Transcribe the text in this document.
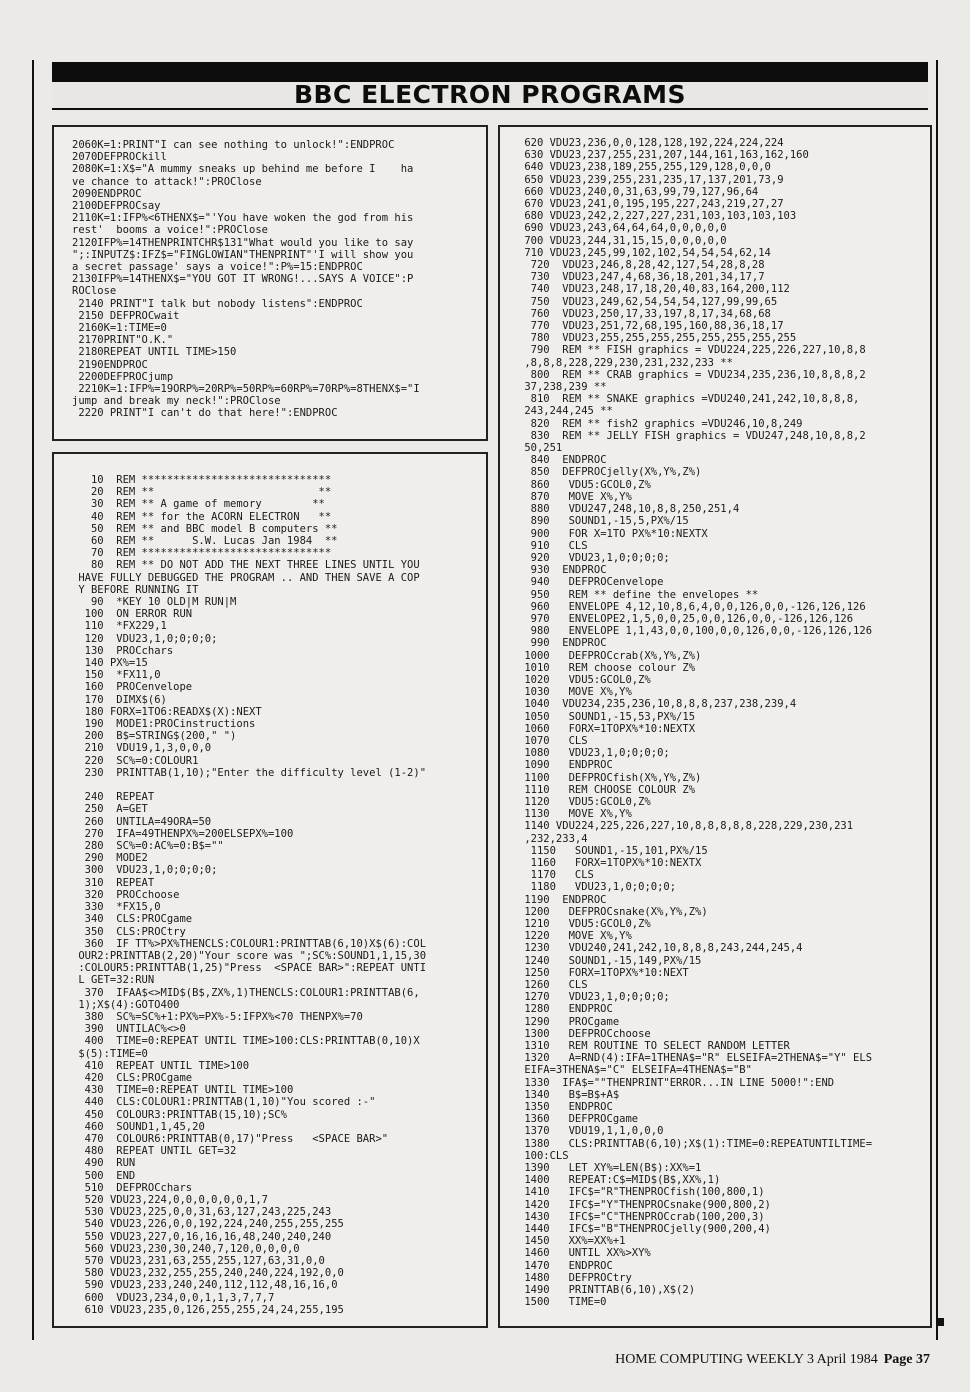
BBC ELECTRON PROGRAMS
2060K=1:PRINT"I can see nothing to unlock!":ENDPROC
2070DEFPROCkill
2080K=1:X$="A mummy sneaks up behind me before I    ha
ve chance to attack!":PROClose
2090ENDPROC
2100DEFPROCsay
2110K=1:IFP%<6THENX$="'You have woken the god from his
rest'  booms a voice!":PROClose
2120IFP%=14THENPRINTCHR$131"What would you like to say
";:INPUTZ$:IFZ$="FINGLOWIAN"THENPRINT"'I will show you
a secret passage' says a voice!":P%=15:ENDPROC
2130IFP%=14THENX$="YOU GOT IT WRONG!...SAYS A VOICE":P
ROClose
2140 PRINT"I talk but nobody listens":ENDPROC
2150 DEFPROCwait
2160K=1:TIME=0
2170PRINT"O.K."
2180REPEAT UNTIL TIME>150
2190ENDPROC
2200DEFPROCjump
2210K=1:IFP%=19ORP%=20RP%=50RP%=60RP%=70RP%=8THENX$="I
jump and break my neck!":PROClose
2220 PRINT"I can't do that here!":ENDPROC
10  REM ******************************
20  REM **                          **
30  REM ** A game of memory        **
40  REM ** for the ACORN ELECTRON   **
50  REM ** and BBC model B computers **
60  REM **      S.W. Lucas Jan 1984  **
70  REM ******************************
80  REM ** DO NOT ADD THE NEXT THREE LINES UNTIL YOU
HAVE FULLY DEBUGGED THE PROGRAM .. AND THEN SAVE A COP
Y BEFORE RUNNING IT
90  *KEY 10 OLD|M RUN|M
100  ON ERROR RUN
110  *FX229,1
120  VDU23,1,0;0;0;0;
130  PROCchars
140 PX%=15
150  *FX11,0
160  PROCenvelope
170  DIMX$(6)
180 FORX=1TO6:READX$(X):NEXT
190  MODE1:PROCinstructions
200  B$=STRING$(200," ")
210  VDU19,1,3,0,0,0
220  SC%=0:COLOUR1
230  PRINTTAB(1,10);"Enter the difficulty level (1-2)"
240  REPEAT
250  A=GET
260  UNTILA=49ORA=50
270  IFA=49THENPX%=200ELSEPX%=100
280  SC%=0:AC%=0:B$=""
290  MODE2
300  VDU23,1,0;0;0;0;
310  REPEAT
320  PROCchoose
330  *FX15,0
340  CLS:PROCgame
350  CLS:PROCtry
360  IF TT%>PX%THENCLS:COLOUR1:PRINTTAB(6,10)X$(6):COL
OUR2:PRINTTAB(2,20)"Your score was ";SC%:SOUND1,1,15,30
:COLOUR5:PRINTTAB(1,25)"Press  <SPACE BAR>":REPEAT UNTI
L GET=32:RUN
370  IFAA$<>MID$(B$,ZX%,1)THENCLS:COLOUR1:PRINTTAB(6,
1);X$(4):GOTO400
380  SC%=SC%+1:PX%=PX%-5:IFPX%<70 THENPX%=70
390  UNTILAC%<>0
400  TIME=0:REPEAT UNTIL TIME>100:CLS:PRINTTAB(0,10)X
$(5):TIME=0
410  REPEAT UNTIL TIME>100
420  CLS:PROCgame
430  TIME=0:REPEAT UNTIL TIME>100
440  CLS:COLOUR1:PRINTTAB(1,10)"You scored :-"
450  COLOUR3:PRINTTAB(15,10);SC%
460  SOUND1,1,45,20
470  COLOUR6:PRINTTAB(0,17)"Press   <SPACE BAR>"
480  REPEAT UNTIL GET=32
490  RUN
500  END
510  DEFPROCchars
520 VDU23,224,0,0,0,0,0,0,1,7
530 VDU23,225,0,0,31,63,127,243,225,243
540 VDU23,226,0,0,192,224,240,255,255,255
550 VDU23,227,0,16,16,16,48,240,240,240
560 VDU23,230,30,240,7,120,0,0,0,0
570 VDU23,231,63,255,255,127,63,31,0,0
580 VDU23,232,255,255,240,240,224,192,0,0
590 VDU23,233,240,240,112,112,48,16,16,0
600  VDU23,234,0,0,1,1,3,7,7,7
610 VDU23,235,0,126,255,255,24,24,255,195
620 VDU23,236,0,0,128,128,192,224,224,224
630 VDU23,237,255,231,207,144,161,163,162,160
640 VDU23,238,189,255,255,129,128,0,0,0
650 VDU23,239,255,231,235,17,137,201,73,9
660 VDU23,240,0,31,63,99,79,127,96,64
670 VDU23,241,0,195,195,227,243,219,27,27
680 VDU23,242,2,227,227,231,103,103,103,103
690 VDU23,243,64,64,64,0,0,0,0,0
700 VDU23,244,31,15,15,0,0,0,0,0
710 VDU23,245,99,102,102,54,54,54,62,14
720  VDU23,246,8,28,42,127,54,28,8,28
730  VDU23,247,4,68,36,18,201,34,17,7
740  VDU23,248,17,18,20,40,83,164,200,112
750  VDU23,249,62,54,54,54,127,99,99,65
760  VDU23,250,17,33,197,8,17,34,68,68
770  VDU23,251,72,68,195,160,88,36,18,17
780  VDU23,255,255,255,255,255,255,255,255
790  REM ** FISH graphics = VDU224,225,226,227,10,8,8
,8,8,8,228,229,230,231,232,233 **
800  REM ** CRAB graphics = VDU234,235,236,10,8,8,8,2
37,238,239 **
810  REM ** SNAKE graphics =VDU240,241,242,10,8,8,8,
243,244,245 **
820  REM ** fish2 graphics =VDU246,10,8,249
830  REM ** JELLY FISH graphics = VDU247,248,10,8,8,2
50,251
840  ENDPROC
850  DEFPROCjelly(X%,Y%,Z%)
860   VDU5:GCOL0,Z%
870   MOVE X%,Y%
880   VDU247,248,10,8,8,250,251,4
890   SOUND1,-15,5,PX%/15
900   FOR X=1TO PX%*10:NEXTX
910   CLS
920   VDU23,1,0;0;0;0;
930  ENDPROC
940   DEFPROCenvelope
950   REM ** define the envelopes **
960   ENVELOPE 4,12,10,8,6,4,0,0,126,0,0,-126,126,126
970   ENVELOPE2,1,5,0,0,25,0,0,126,0,0,-126,126,126
980   ENVELOPE 1,1,43,0,0,100,0,0,126,0,0,-126,126,126
990  ENDPROC
1000   DEFPROCcrab(X%,Y%,Z%)
1010   REM choose colour Z%
1020   VDU5:GCOL0,Z%
1030   MOVE X%,Y%
1040  VDU234,235,236,10,8,8,8,237,238,239,4
1050   SOUND1,-15,53,PX%/15
1060   FORX=1TOPX%*10:NEXTX
1070   CLS
1080   VDU23,1,0;0;0;0;
1090   ENDPROC
1100   DEFPROCfish(X%,Y%,Z%)
1110   REM CHOOSE COLOUR Z%
1120   VDU5:GCOL0,Z%
1130   MOVE X%,Y%
1140 VDU224,225,226,227,10,8,8,8,8,8,228,229,230,231
,232,233,4
1150   SOUND1,-15,101,PX%/15
1160   FORX=1TOPX%*10:NEXTX
1170   CLS
1180   VDU23,1,0;0;0;0;
1190  ENDPROC
1200   DEFPROCsnake(X%,Y%,Z%)
1210   VDU5:GCOL0,Z%
1220   MOVE X%,Y%
1230   VDU240,241,242,10,8,8,8,243,244,245,4
1240   SOUND1,-15,149,PX%/15
1250   FORX=1TOPX%*10:NEXT
1260   CLS
1270   VDU23,1,0;0;0;0;
1280   ENDPROC
1290   PROCgame
1300   DEFPROCchoose
1310   REM ROUTINE TO SELECT RANDOM LETTER
1320   A=RND(4):IFA=1THENA$="R" ELSEIFA=2THENA$="Y" ELS
EIFA=3THENA$="C" ELSEIFA=4THENA$="B"
1330  IFA$=""THENPRINT"ERROR...IN LINE 5000!":END
1340   B$=B$+A$
1350   ENDPROC
1360   DEFPROCgame
1370   VDU19,1,1,0,0,0
1380   CLS:PRINTTAB(6,10);X$(1):TIME=0:REPEATUNTILTIME=
100:CLS
1390   LET XY%=LEN(B$):XX%=1
1400   REPEAT:C$=MID$(B$,XX%,1)
1410   IFC$="R"THENPROCfish(100,800,1)
1420   IFC$="Y"THENPROCsnake(900,800,2)
1430   IFC$="C"THENPROCcrab(100,200,3)
1440   IFC$="B"THENPROCjelly(900,200,4)
1450   XX%=XX%+1
1460   UNTIL XX%>XY%
1470   ENDPROC
1480   DEFPROCtry
1490   PRINTTAB(6,10),X$(2)
1500   TIME=0
HOME COMPUTING WEEKLY 3 April 1984 Page 37
